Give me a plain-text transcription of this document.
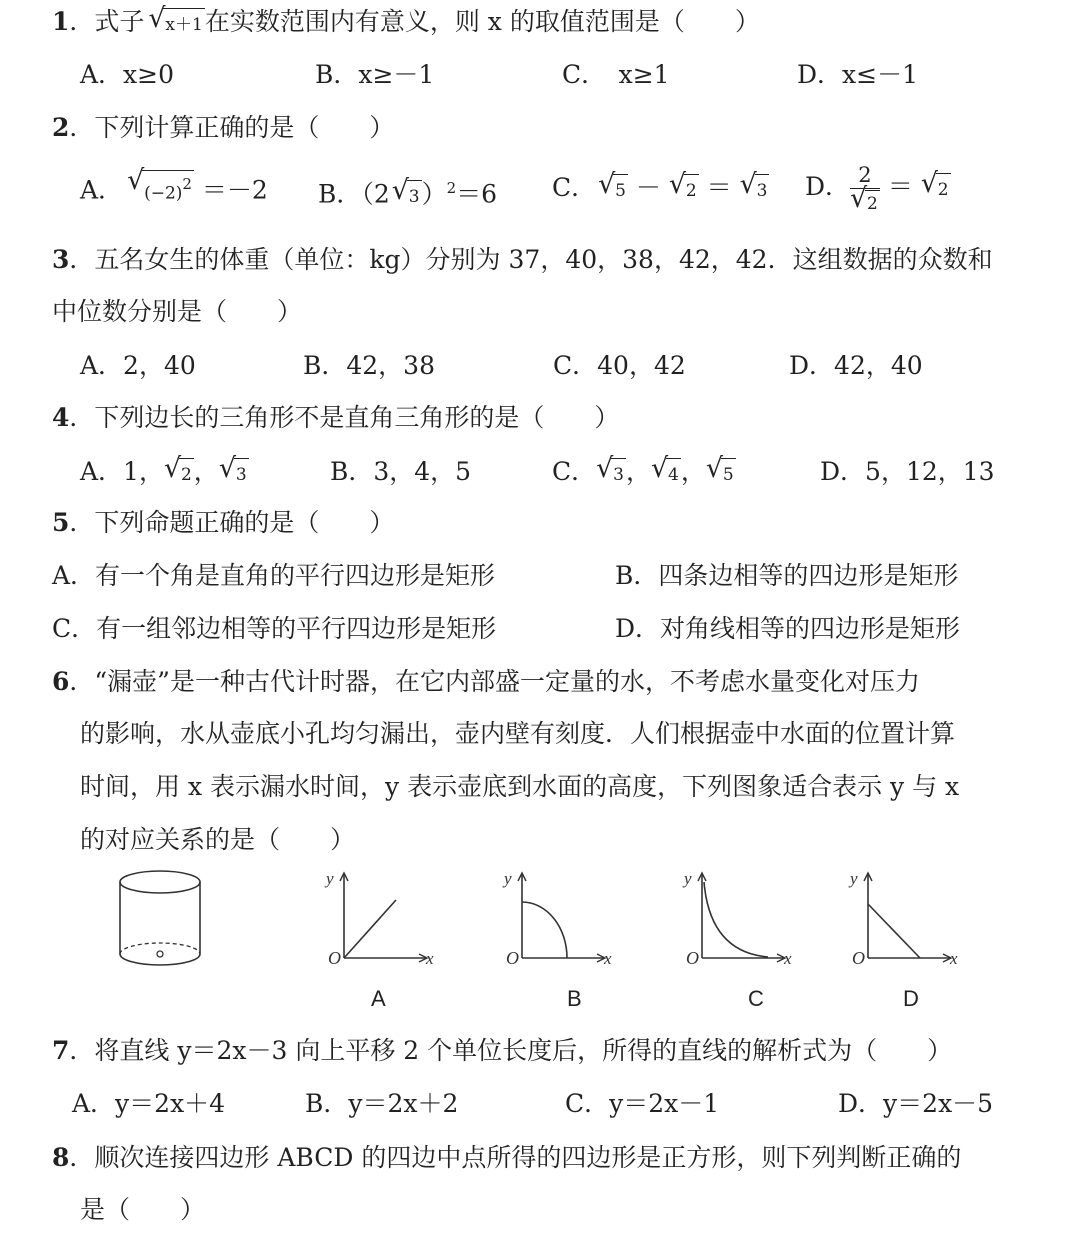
1．式子 √ x＋1在实数范围内有意义，则 x 的取值范围是（　　）
A．x≥0	B．x≥－1	C．　x≥1	D．x≤－1
2．下列计算正确的是（　　）
A． √ $(-2)^2 =-2$ B．（2 √ 3）$^2$＝6 C． √ 5 － √ 2 ＝ √ 3 D． 2
√ 2 ＝ √ 2
3．五名女生的体重（单位：kg）分别为 37，40，38，42，42．这组数据的众数和
中位数分别是（　　）
A．2，40	B．42，38	C．40，42	D．42，40
4．下列边长的三角形不是直角三角形的是（　　）
A．1， √ 2， √ 3	B．3，4，5	C． √ 3， √ 4， √ 5	D．5，12，13
5．下列命题正确的是（　　）
A．有一个角是直角的平行四边形是矩形	B．四条边相等的四边形是矩形
C．有一组邻边相等的平行四边形是矩形	D．对角线相等的四边形是矩形
6．“漏壶”是一种古代计时器，在它内部盛一定量的水，不考虑水量变化对压力
的影响，水从壶底小孔均匀漏出，壶内壁有刻度．人们根据壶中水面的位置计算
时间，用 x 表示漏水时间，y 表示壶底到水面的高度，下列图象适合表示 y 与 x
的对应关系的是（　　）
O
y
x	O
y
x	O
y
x	O
y
x
A	B	C	D
7．将直线 y＝2x－3 向上平移 2 个单位长度后，所得的直线的解析式为（　　）
A．y＝2x＋4	B．y＝2x＋2	C．y＝2x－1	D．y＝2x－5
8．顺次连接四边形 ABCD 的四边中点所得的四边形是正方形，则下列判断正确的
是（　　）
